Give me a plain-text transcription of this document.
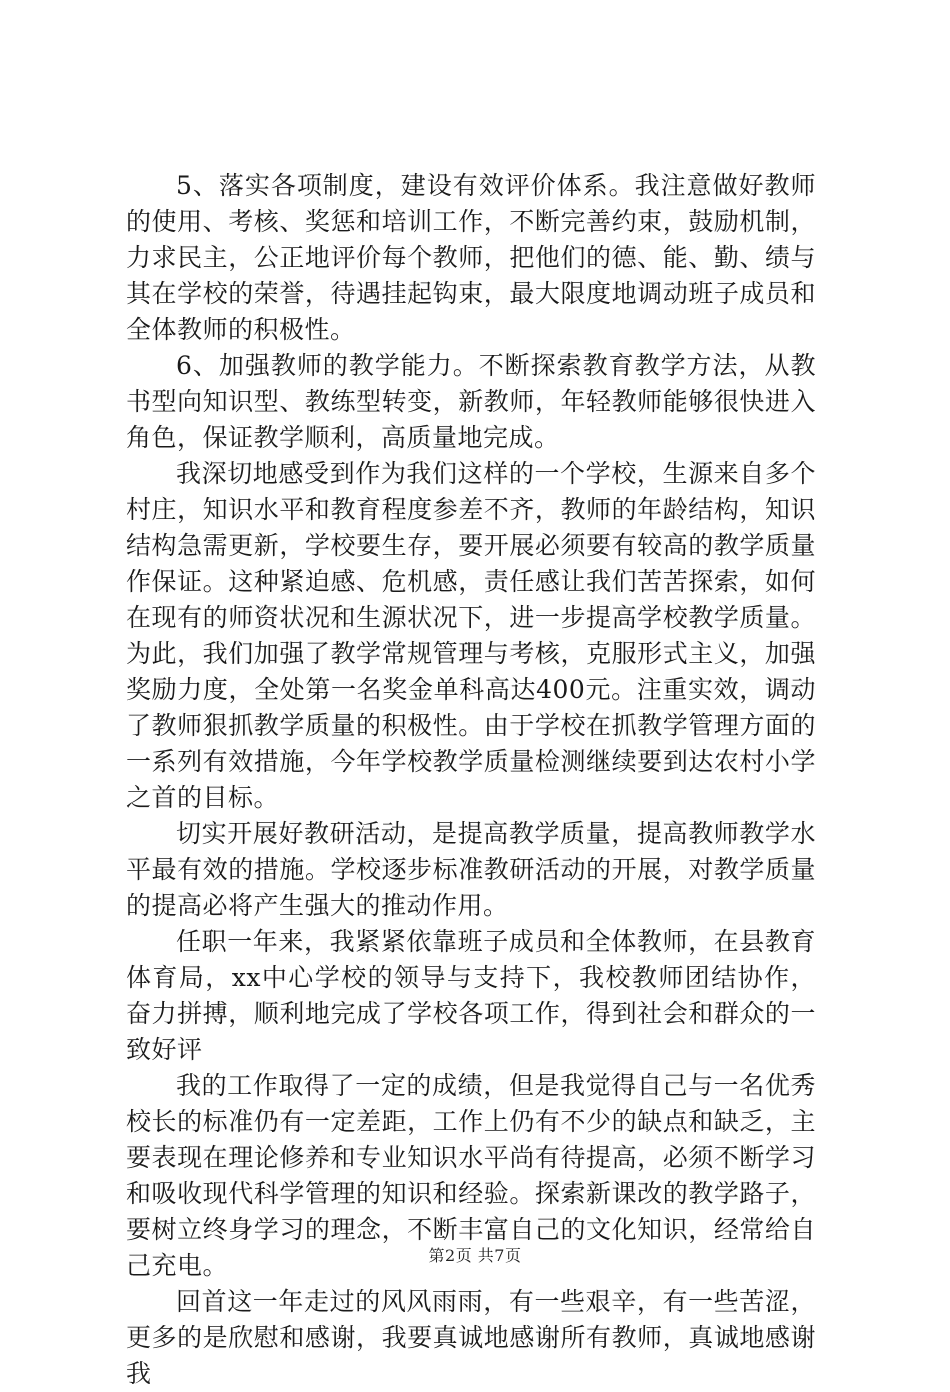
5、落实各项制度，建设有效评价体系。我注意做好教师的使用、考核、奖惩和培训工作，不断完善约束，鼓励机制，力求民主，公正地评价每个教师，把他们的德、能、勤、绩与其在学校的荣誉，待遇挂起钩束，最大限度地调动班子成员和全体教师的积极性。

6、加强教师的教学能力。不断探索教育教学方法，从教书型向知识型、教练型转变，新教师，年轻教师能够很快进入角色，保证教学顺利，高质量地完成。

我深切地感受到作为我们这样的一个学校，生源来自多个村庄，知识水平和教育程度参差不齐，教师的年龄结构，知识结构急需更新，学校要生存，要开展必须要有较高的教学质量作保证。这种紧迫感、危机感，责任感让我们苦苦探索，如何在现有的师资状况和生源状况下，进一步提高学校教学质量。为此，我们加强了教学常规管理与考核，克服形式主义，加强奖励力度，全处第一名奖金单科高达400元。注重实效，调动了教师狠抓教学质量的积极性。由于学校在抓教学管理方面的一系列有效措施，今年学校教学质量检测继续要到达农村小学之首的目标。

切实开展好教研活动，是提高教学质量，提高教师教学水平最有效的措施。学校逐步标准教研活动的开展，对教学质量的提高必将产生强大的推动作用。

任职一年来，我紧紧依靠班子成员和全体教师，在县教育体育局，xx中心学校的领导与支持下，我校教师团结协作，奋力拼搏，顺利地完成了学校各项工作，得到社会和群众的一致好评

我的工作取得了一定的成绩，但是我觉得自己与一名优秀校长的标准仍有一定差距，工作上仍有不少的缺点和缺乏，主要表现在理论修养和专业知识水平尚有待提高，必须不断学习和吸收现代科学管理的知识和经验。探索新课改的教学路子，要树立终身学习的理念，不断丰富自己的文化知识，经常给自己充电。

回首这一年走过的风风雨雨，有一些艰辛，有一些苦涩，更多的是欣慰和感谢，我要真诚地感谢所有教师，真诚地感谢我

第2页 共7页
